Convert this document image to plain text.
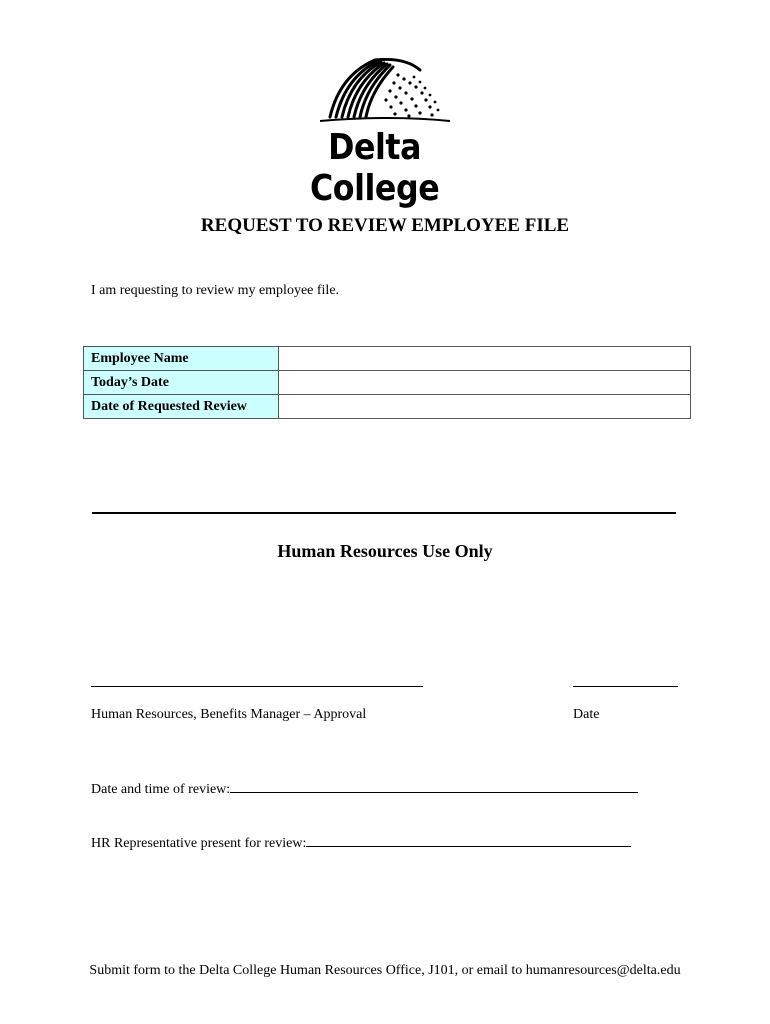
Delta College
REQUEST TO REVIEW EMPLOYEE FILE
I am requesting to review my employee file.
Employee Name	
Today’s Date	
Date of Requested Review	
Human Resources Use Only
Human Resources, Benefits Manager – Approval	Date
Date and time of review:
HR Representative present for review:
Submit form to the Delta College Human Resources Office, J101, or email to humanresources@delta.edu
